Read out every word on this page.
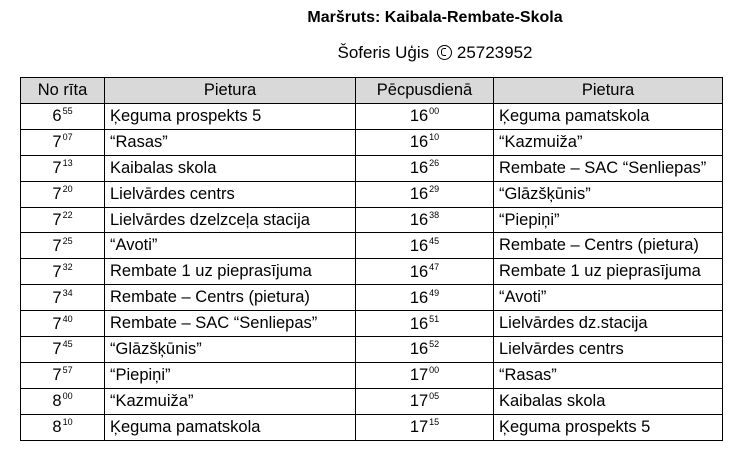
Maršruts: Kaibala-Rembate-Skola
Šoferis Uģis 25723952
No rīta	Pietura	Pēcpusdienā	Pietura
$6^{55}$	Ķeguma prospekts 5	$16^{00}$	Ķeguma pamatskola
$7^{07}$	“Rasas”	$16^{10}$	“Kazmuiža”
$7^{13}$	Kaibalas skola	$16^{26}$	Rembate – SAC “Senliepas”
$7^{20}$	Lielvārdes centrs	$16^{29}$	“Glāzšķūnis”
$7^{22}$	Lielvārdes dzelzceļa stacija	$16^{38}$	“Piepiņi”
$7^{25}$	“Avoti”	$16^{45}$	Rembate – Centrs (pietura)
$7^{32}$	Rembate 1 uz pieprasījuma	$16^{47}$	Rembate 1 uz pieprasījuma
$7^{34}$	Rembate – Centrs (pietura)	$16^{49}$	“Avoti”
$7^{40}$	Rembate – SAC “Senliepas”	$16^{51}$	Lielvārdes dz.stacija
$7^{45}$	“Glāzšķūnis”	$16^{52}$	Lielvārdes centrs
$7^{57}$	“Piepiņi”	$17^{00}$	“Rasas”
$8^{00}$	“Kazmuiža”	$17^{05}$	Kaibalas skola
$8^{10}$	Ķeguma pamatskola	$17^{15}$	Ķeguma prospekts 5
